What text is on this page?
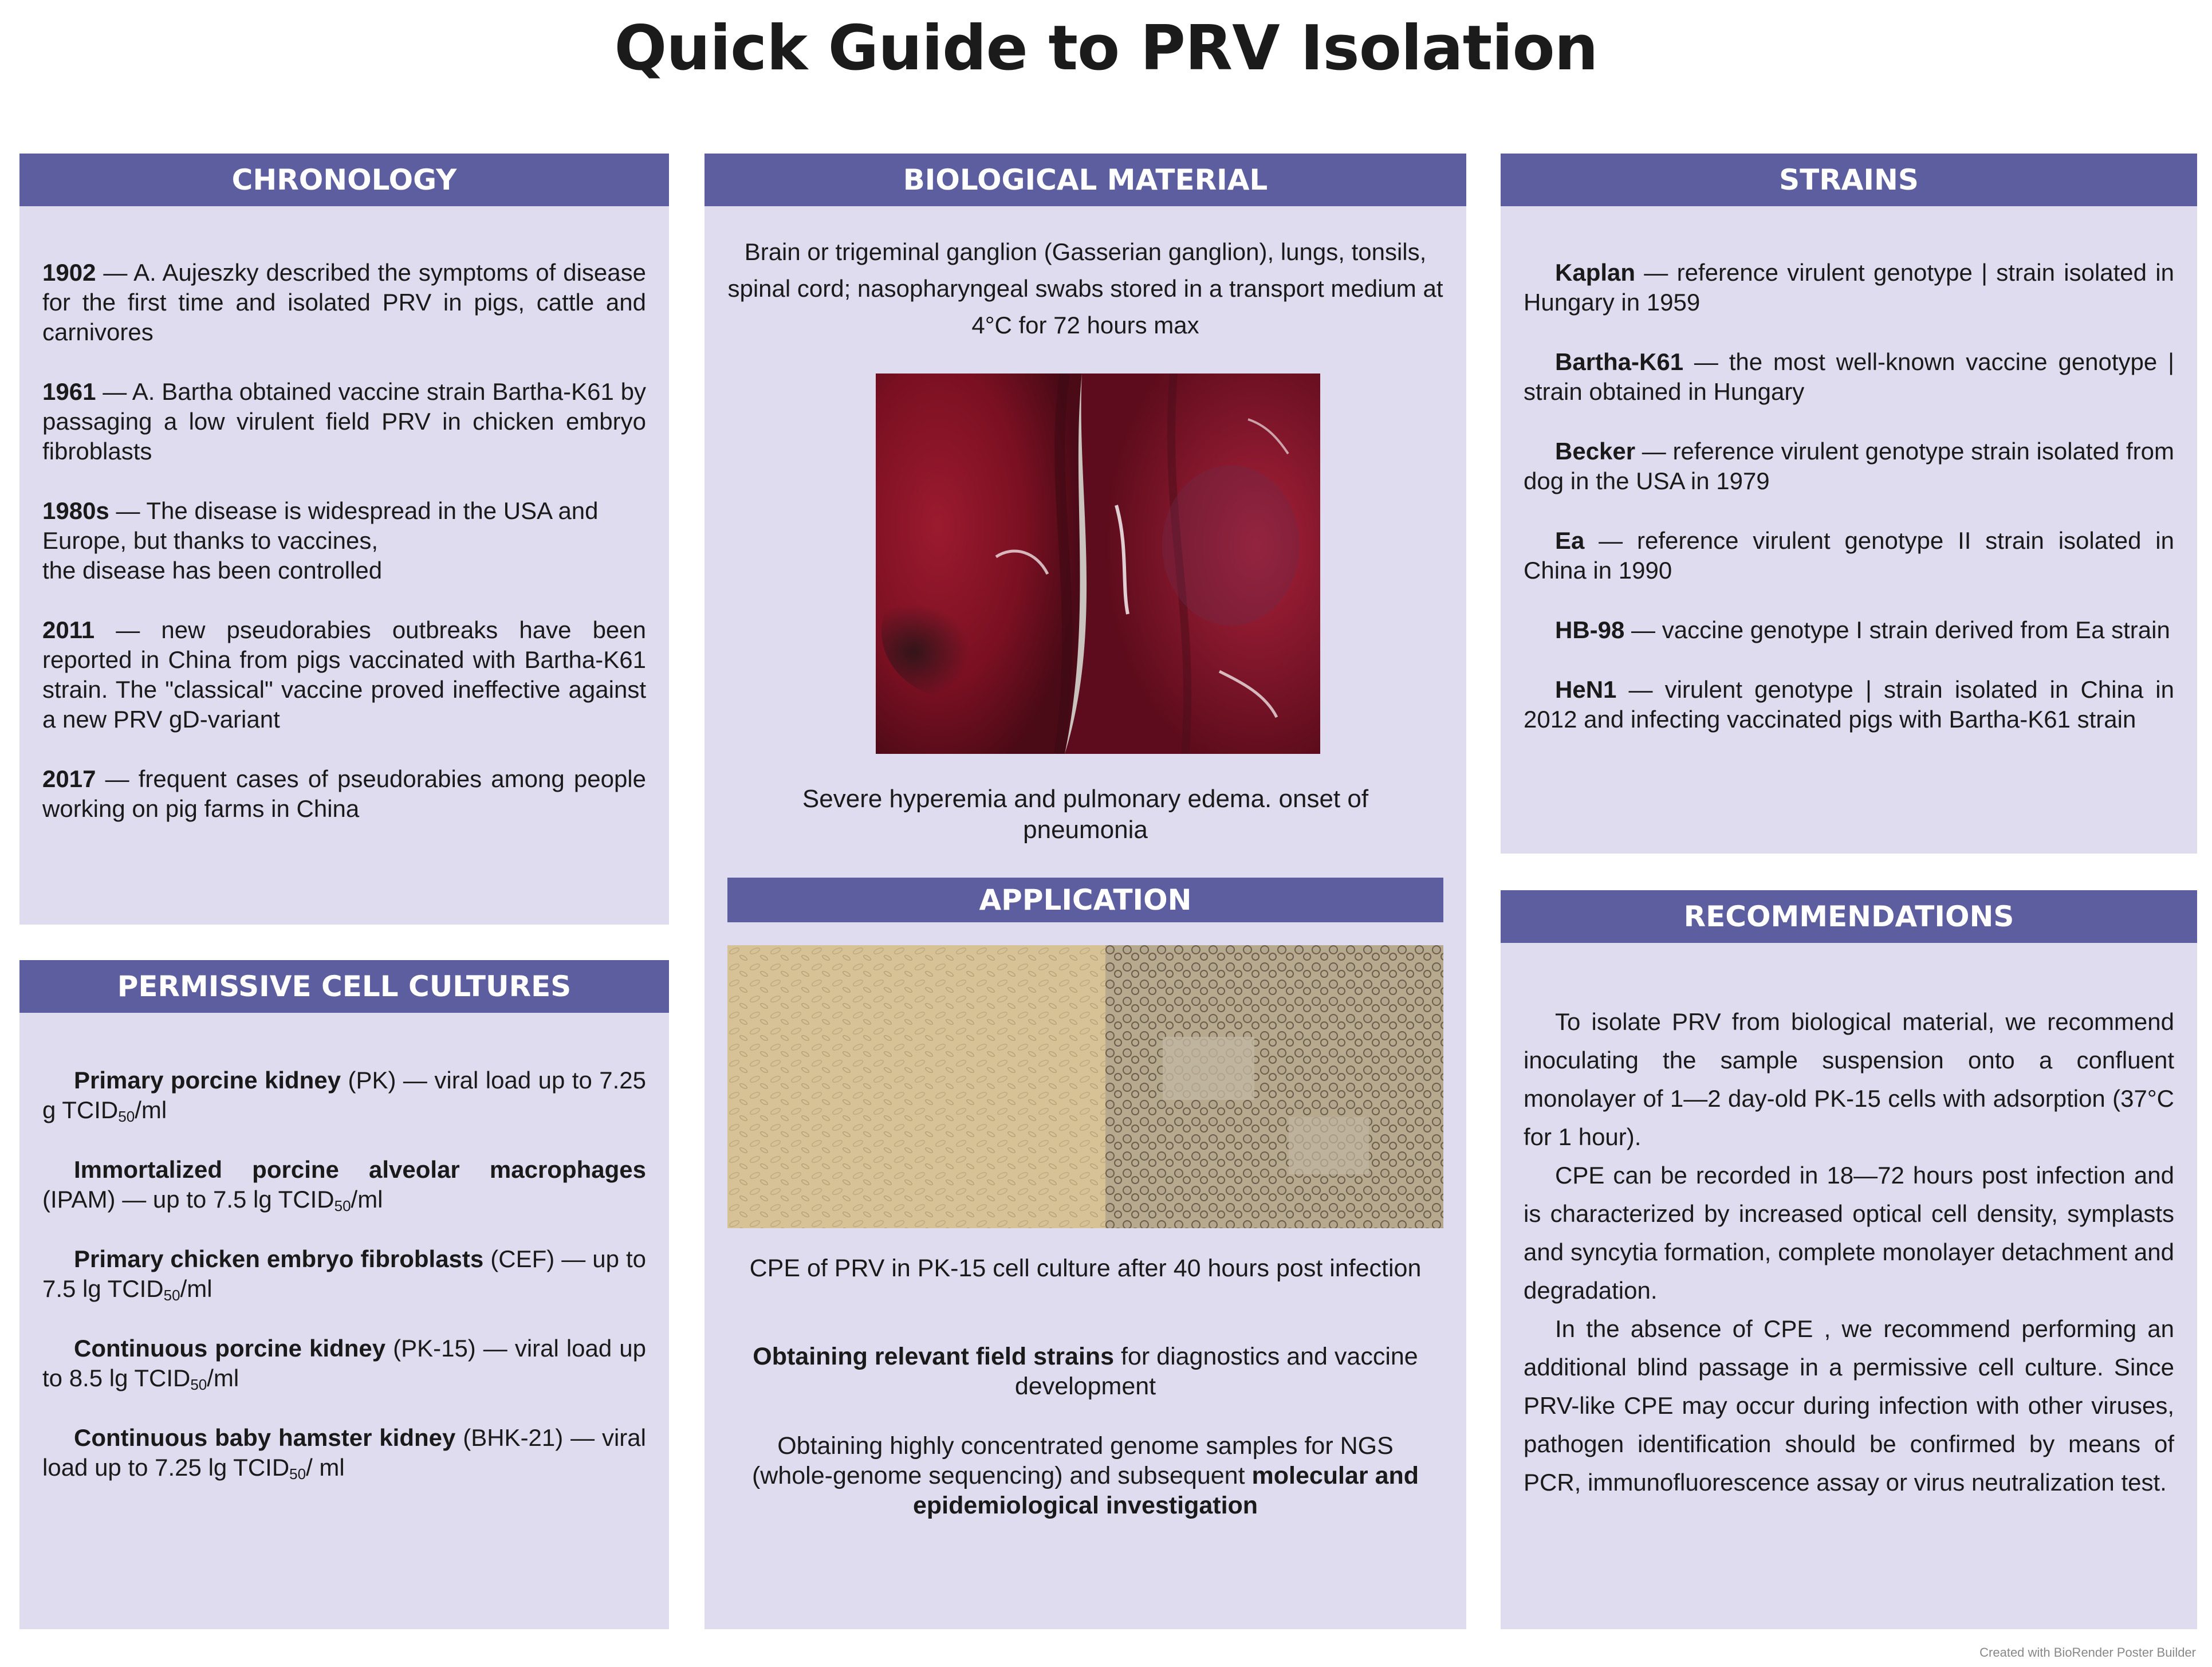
Quick Guide to PRV Isolation
CHRONOLOGY

1902 — A. Aujeszky described the symptoms of disease for the first time and isolated PRV in pigs, cattle and carnivores

1961 — A. Bartha obtained vaccine strain Bartha-K61 by passaging a low virulent field PRV in chicken embryo fibroblasts

1980s — The disease is widespread in the USA and Europe, but thanks to vaccines,
the disease has been controlled

2011 — new pseudorabies outbreaks have been reported in China from pigs vaccinated with Bartha-K61 strain. The "classical" vaccine proved ineffective against a new PRV gD-variant

2017 — frequent cases of pseudorabies among people working on pig farms in China

PERMISSIVE CELL CULTURES

Primary porcine kidney (PK) — viral load up to 7.25 g $TCID_{50}/ml$

Immortalized porcine alveolar macrophages (IPAM) — up to 7.5 $\lg TCID_{50}/ml$

Primary chicken embryo fibroblasts (CEF) — up to 7.5 $\lg TCID_{50}/ml$

Continuous porcine kidney (PK-15) — viral load up to 8.5 $\lg TCID_{50}/ml$

Continuous baby hamster kidney (BHK-21) — viral load up to 7.25 $\lg TCID_{50}/$ ml

BIOLOGICAL MATERIAL
Brain or trigeminal ganglion (Gasserian ganglion), lungs, tonsils, spinal cord; nasopharyngeal swabs stored in a transport medium at 4°C for 72 hours max
Severe hyperemia and pulmonary edema. onset of pneumonia
APPLICATION
CPE of PRV in PK-15 cell culture after 40 hours post infection
Obtaining relevant field strains for diagnostics and vaccine development
Obtaining highly concentrated genome samples for NGS (whole-genome sequencing) and subsequent molecular and epidemiological investigation
STRAINS

Kaplan — reference virulent genotype | strain isolated in Hungary in 1959

Bartha-K61 — the most well-known vaccine genotype | strain obtained in Hungary

Becker — reference virulent genotype strain isolated from dog in the USA in 1979

Ea — reference virulent genotype II strain isolated in China in 1990

HB-98 — vaccine genotype I strain derived from Ea strain

HeN1 — virulent genotype | strain isolated in China in 2012 and infecting vaccinated pigs with Bartha-K61 strain

RECOMMENDATIONS
To isolate PRV from biological material, we recommend inoculating the sample suspension onto a confluent monolayer of 1—2 day-old PK-15 cells with adsorption (37°C for 1 hour).
CPE can be recorded in 18—72 hours post infection and is characterized by increased optical cell density, symplasts and syncytia formation, complete monolayer detachment and degradation.
In the absence of CPE , we recommend performing an additional blind passage in a permissive cell culture. Since PRV-like CPE may occur during infection with other viruses, pathogen identification should be confirmed by means of PCR, immunofluorescence assay or virus neutralization test.
Created with BioRender Poster Builder
